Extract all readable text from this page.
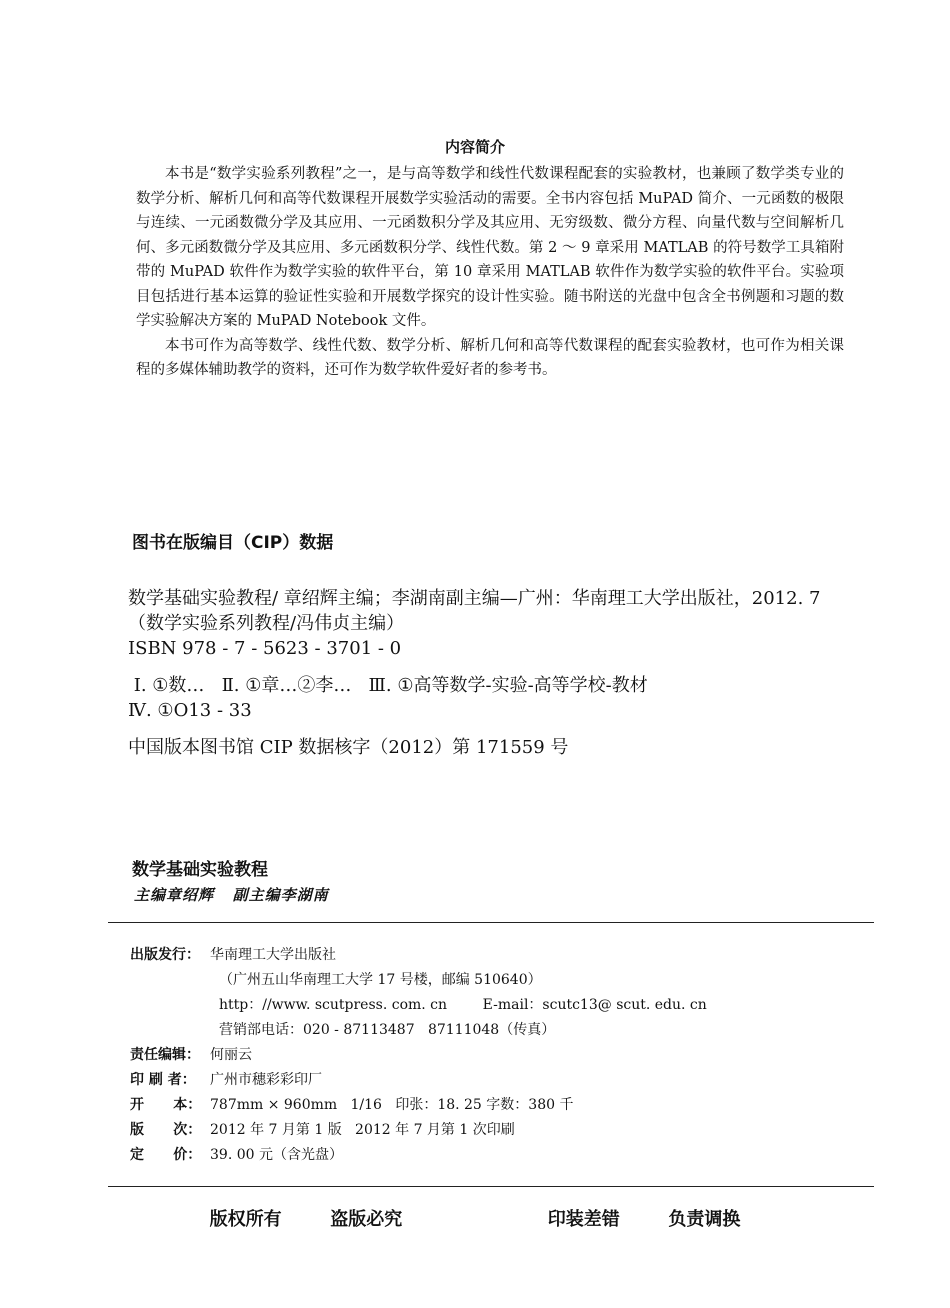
内容简介

本书是“数学实验系列教程”之一，是与高等数学和线性代数课程配套的实验教材，也兼顾了数学类专业的数学分析、解析几何和高等代数课程开展数学实验活动的需要。全书内容包括 MuPAD 简介、一元函数的极限与连续、一元函数微分学及其应用、一元函数积分学及其应用、无穷级数、微分方程、向量代数与空间解析几何、多元函数微分学及其应用、多元函数积分学、线性代数。第 2 ～ 9 章采用 MATLAB 的符号数学工具箱附带的 MuPAD 软件作为数学实验的软件平台，第 10 章采用 MATLAB 软件作为数学实验的软件平台。实验项目包括进行基本运算的验证性实验和开展数学探究的设计性实验。随书附送的光盘中包含全书例题和习题的数学实验解决方案的 MuPAD Notebook 文件。

本书可作为高等数学、线性代数、数学分析、解析几何和高等代数课程的配套实验教材，也可作为相关课程的多媒体辅助教学的资料，还可作为数学软件爱好者的参考书。

图书在版编目（CIP）数据

数学基础实验教程/ 章绍辉主编；李湖南副主编—广州：华南理工大学出版社，2012. 7

（数学实验系列教程/冯伟贞主编）

ISBN 978 - 7 - 5623 - 3701 - 0

Ⅰ. ①数…   Ⅱ. ①章…②李…   Ⅲ. ①高等数学-实验-高等学校-教材

Ⅳ. ①O13 - 33

中国版本图书馆 CIP 数据核字（2012）第 171559 号

数学基础实验教程
主编章绍辉   副主编李湖南
出版发行： 华南理工大学出版社
（广州五山华南理工大学 17 号楼，邮编 510640）
http：//www. scutpress. com. cn        E-mail：scutc13@ scut. edu. cn
营销部电话：020 - 87113487   87111048（传真）
责任编辑： 何丽云
印 刷 者：	广州市穗彩彩印厂
开      本： 787mm × 960mm   1/16   印张：18. 25 字数：380 千
版      次： 2012 年 7 月第 1 版   2012 年 7 月第 1 次印刷
定      价： 39. 00 元（含光盘）
版权所有  盗版必究      印装差错  负责调换
